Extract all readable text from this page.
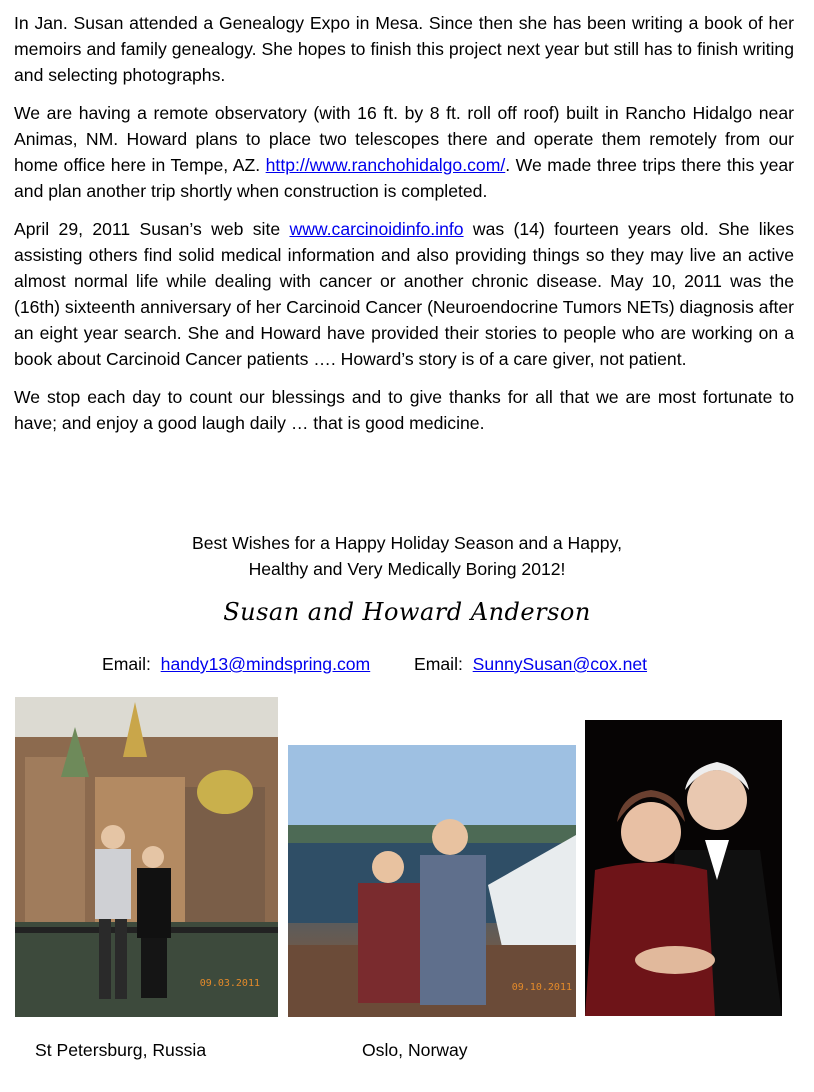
In Jan. Susan attended a Genealogy Expo in Mesa. Since then she has been writing a book of her memoirs and family genealogy. She hopes to finish this project next year but still has to finish writing and selecting photographs.

We are having a remote observatory (with 16 ft. by 8 ft. roll off roof) built in Rancho Hidalgo near Animas, NM. Howard plans to place two telescopes there and operate them remotely from our home office here in Tempe, AZ. http://www.ranchohidalgo.com/. We made three trips there this year and plan another trip shortly when construction is completed.

April 29, 2011 Susan’s web site www.carcinoidinfo.info was (14) fourteen years old. She likes assisting others find solid medical information and also providing things so they may live an active almost normal life while dealing with cancer or another chronic disease. May 10, 2011 was the (16th) sixteenth anniversary of her Carcinoid Cancer (Neuroendocrine Tumors NETs) diagnosis after an eight year search. She and Howard have provided their stories to people who are working on a book about Carcinoid Cancer patients …. Howard’s story is of a care giver, not patient.

We stop each day to count our blessings and to give thanks for all that we are most fortunate to have; and enjoy a good laugh daily … that is good medicine.

Best Wishes for a Happy Holiday Season and a Happy,
Healthy and Very Medically Boring 2012!
Susan and Howard Anderson
Email: handy13@mindspring.com Email: SunnySusan@cox.net
09.03.2011	09.10.2011
St Petersburg, Russia	Oslo, Norway
